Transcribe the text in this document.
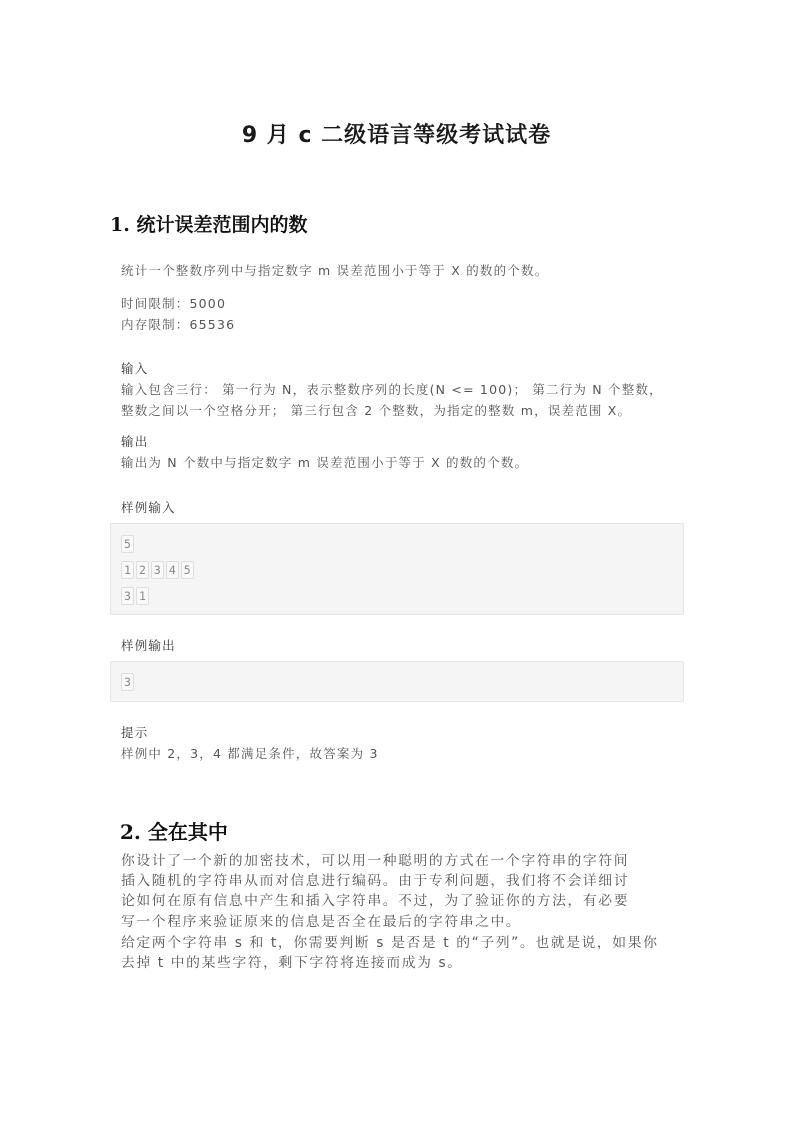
9 月 c 二级语言等级考试试卷
1. 统计误差范围内的数
统计一个整数序列中与指定数字 m 误差范围小于等于 X 的数的个数。
时间限制：5000
内存限制：65536
输入
输入包含三行： 第一行为 N，表示整数序列的长度(N <= 100)； 第二行为 N 个整数，
整数之间以一个空格分开； 第三行包含 2 个整数，为指定的整数 m，误差范围 X。
输出
输出为 N 个数中与指定数字 m 误差范围小于等于 X 的数的个数。
样例输入
5
1 2 3 4 5
3 1
样例输出
3
提示
样例中 2，3，4 都满足条件，故答案为 3
2. 全在其中
你设计了一个新的加密技术，可以用一种聪明的方式在一个字符串的字符间
插入随机的字符串从而对信息进行编码。由于专利问题，我们将不会详细讨
论如何在原有信息中产生和插入字符串。不过，为了验证你的方法，有必要
写一个程序来验证原来的信息是否全在最后的字符串之中。
给定两个字符串 s 和 t，你需要判断 s 是否是 t 的“子列”。也就是说，如果你
去掉 t 中的某些字符，剩下字符将连接而成为 s。
